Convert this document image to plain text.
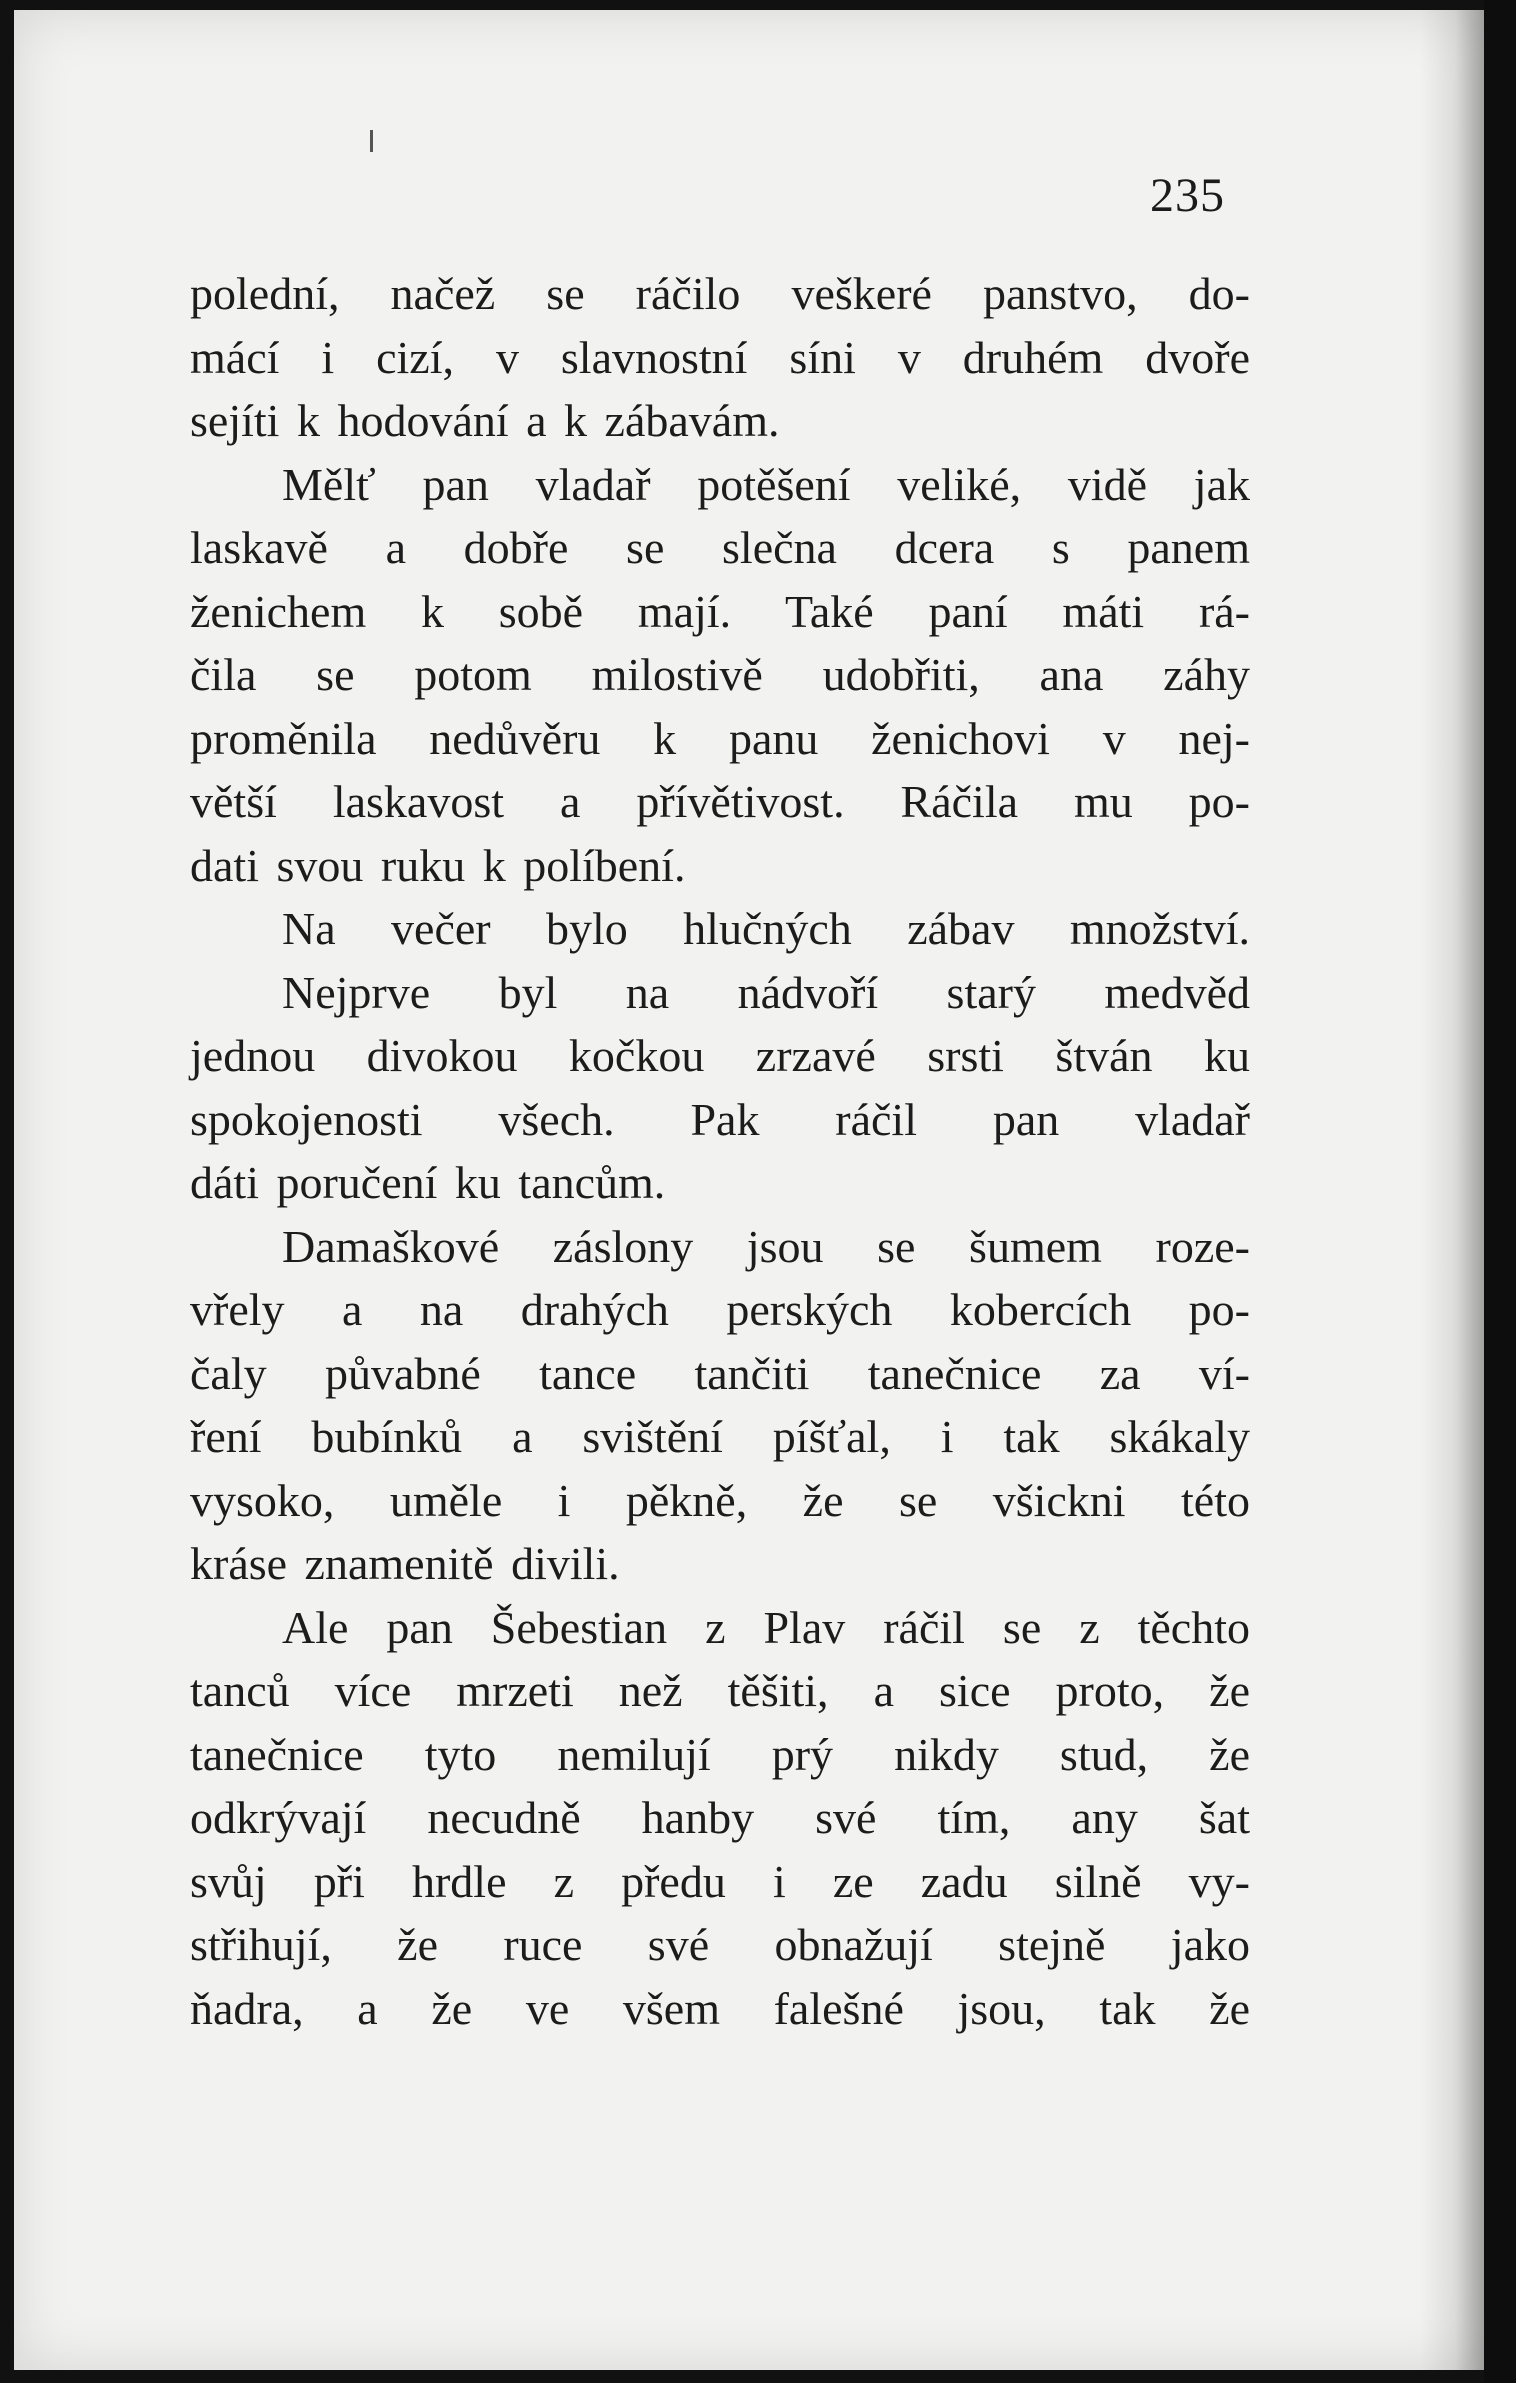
235
polední, načež se ráčilo veškeré panstvo, do-
mácí i cizí, v slavnostní síni v druhém dvoře
sejíti k hodování a k zábavám.
Mělť pan vladař potěšení veliké, vidě jak
laskavě a dobře se slečna dcera s panem
ženichem k sobě mají. Také paní máti rá-
čila se potom milostivě udobřiti, ana záhy
proměnila nedůvěru k panu ženichovi v nej-
větší laskavost a přívětivost. Ráčila mu po-
dati svou ruku k políbení.
Na večer bylo hlučných zábav množství.
Nejprve byl na nádvoří starý medvěd
jednou divokou kočkou zrzavé srsti štván ku
spokojenosti všech. Pak ráčil pan vladař
dáti poručení ku tancům.
Damaškové záslony jsou se šumem roze-
vřely a na drahých perských kobercích po-
čaly půvabné tance tančiti tanečnice za ví-
ření bubínků a svištění píšťal, i tak skákaly
vysoko, uměle i pěkně, že se všickni této
kráse znamenitě divili.
Ale pan Šebestian z Plav ráčil se z těchto
tanců více mrzeti než těšiti, a sice proto, že
tanečnice tyto nemilují prý nikdy stud, že
odkrývají necudně hanby své tím, any šat
svůj při hrdle z předu i ze zadu silně vy-
střihují, že ruce své obnažují stejně jako
ňadra, a že ve všem falešné jsou, tak že
